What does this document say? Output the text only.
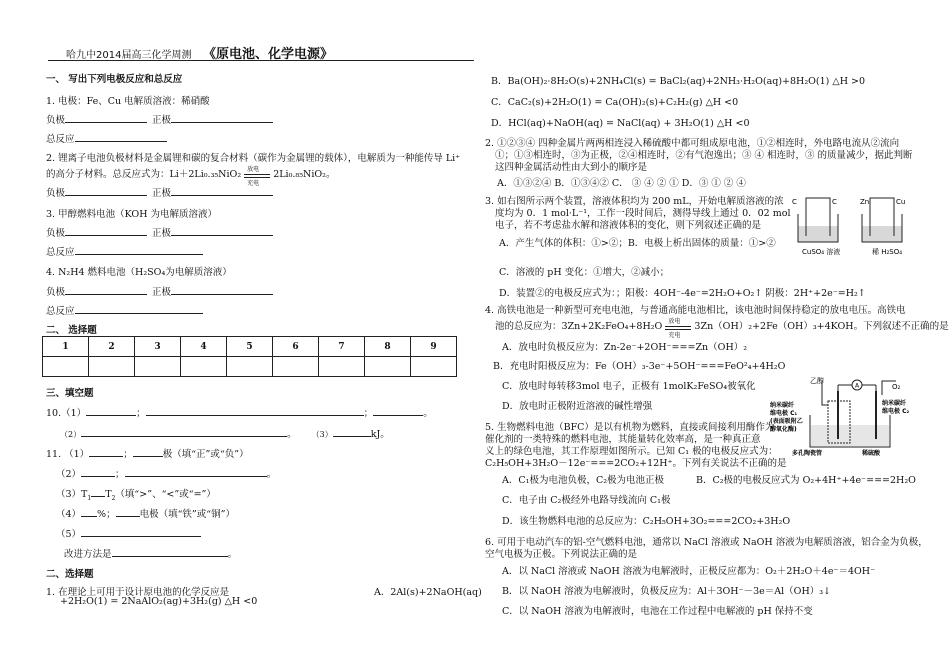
哈九中2014届高三化学周测 《原电池、化学电源》
一、 写出下列电极反应和总反应
1. 电极：Fe、Cu 电解质溶液：稀硝酸
负极	正极
总反应
2. 锂离子电池负极材料是金属锂和碳的复合材料（碳作为金属锂的载体），电解质为一种能传导 Li⁺
的高分子材料。总反应式为：Li＋2Li₀.₃₅NiO₂ 放电
充电
2Li₀.₈₅NiO₂。
负极	正极
3. 甲醇燃料电池（KOH 为电解质溶液）
负极	正极
总反应
4. N₂H4 燃料电池（H₂SO₄为电解质溶液）
负极	正极
总反应
二、 选择题
1	2	3	4	5	6	7	8	9

三、填空题
10.（1）	；	；	。
（2）	。 （3）	kJ。
11. （1）	；	极（填“正”或“负”）
（2）	；	。
$(3)T_1$ $T_2$（填“>”、“<”或“=”）
（4） %；	电极（填“铁”或“铜”）
（5）
改进方法是	。
二、选择题
1. 在理论上可用于设计原电池的化学反应是	A．2Al(s)+2NaOH(aq)
+2H₂O(1) = 2NaAlO₂(ag)+3H₂(g) △H <0
B．Ba(OH)₂·8H₂O(s)+2NH₄Cl(s) = BaCl₂(aq)+2NH₃·H₂O(aq)+8H₂O(1) △H >0
C．CaC₂(s)+2H₂O(1) = Ca(OH)₂(s)+C₂H₂(g) △H <0
D．HCl(aq)+NaOH(aq) = NaCl(aq) + 3H₂O(1) △H <0
2. ①②③④ 四种金属片两两相连浸入稀硫酸中都可组成原电池，①②相连时，外电路电流从②流向
①；①③相连时，③为正极，②④相连时，②有气泡逸出；③ ④ 相连时，③ 的质量减少，据此判断
这四种金属活动性由大到小的顺序是
A．①③②④ B．①③④② C． ③ ④ ② ① D．③ ① ② ④
3. 如右图所示两个装置，溶液体积均为 200 mL，开始电解质溶液的浓
度均为 0．1 mol·L⁻¹，工作一段时间后，测得导线上通过 0．02 mol
电子，若不考虑盐水解和溶液体积的变化，则下列叙述正确的是
A．产生气体的体积：①>②；B．电极上析出固体的质量：①>②
C．溶液的 pH 变化：①增大，②减小；
D．装置②的电极反应式为：；阳极：4OH⁻-4e⁻=2H₂O+O₂↑ 阴极：2H⁺+2e⁻=H₂↑
C	C	Zn	Cu
CuSO₄ 溶液	稀 H₂SO₄
4. 高铁电池是一种新型可充电电池，与普通高能电池相比，该电池时间保持稳定的放电电压。高铁电
池的总反应为：3Zn+2K₂FeO₄+8H₂O 放电
充电
3Zn（OH）₂+2Fe（OH）₃+4KOH。下列叙述不正确的是
A．放电时负极反应为：Zn-2e⁻+2OH⁻===Zn（OH）₂
B．充电时阳极反应为：Fe（OH）₃-3e⁻+5OH⁻===FeO²₄+4H₂O
C．放电时每转移3mol 电子，正极有 1molK₂FeSO₄被氧化
D．放电时正极附近溶液的碱性增强
5. 生物燃料电池（BFC）是以有机物为燃料，直接或间接利用酶作为
催化剂的一类特殊的燃料电池，其能量转化效率高，是一种真正意
义上的绿色电池，其工作原理如图所示。已知 C₁ 极的电极反应式为：
C₂H₅OH+3H₂O－12e⁻===2CO₂+12H⁺。下列有关说法不正确的是
A
乙醇
O₂
纳米碳纤
维电极 C₁
(表面吸附乙
醇氧化酶)
纳米碳纤
维电极 C₂
多孔陶瓷管	稀硫酸
A．C₁极为电池负极，C₂极为电池正极	B．C₂极的电极反应式为 O₂+4H⁺+4e⁻===2H₂O
C．电子由 C₂极经外电路导线流向 C₁极
D．该生物燃料电池的总反应为：C₂H₅OH+3O₂===2CO₂+3H₂O
6. 可用于电动汽车的铝-空气燃料电池，通常以 NaCl 溶液或 NaOH 溶液为电解质溶液，铝合金为负极，
空气电极为正极。下列说法正确的是
A．以 NaCl 溶液或 NaOH 溶液为电解液时，正极反应都为：O₂＋2H₂O＋4e⁻＝4OH⁻
B．以 NaOH 溶液为电解液时，负极反应为：Al＋3OH⁻－3e＝Al（OH）₃↓
C．以 NaOH 溶液为电解液时，电池在工作过程中电解液的 pH 保持不变
